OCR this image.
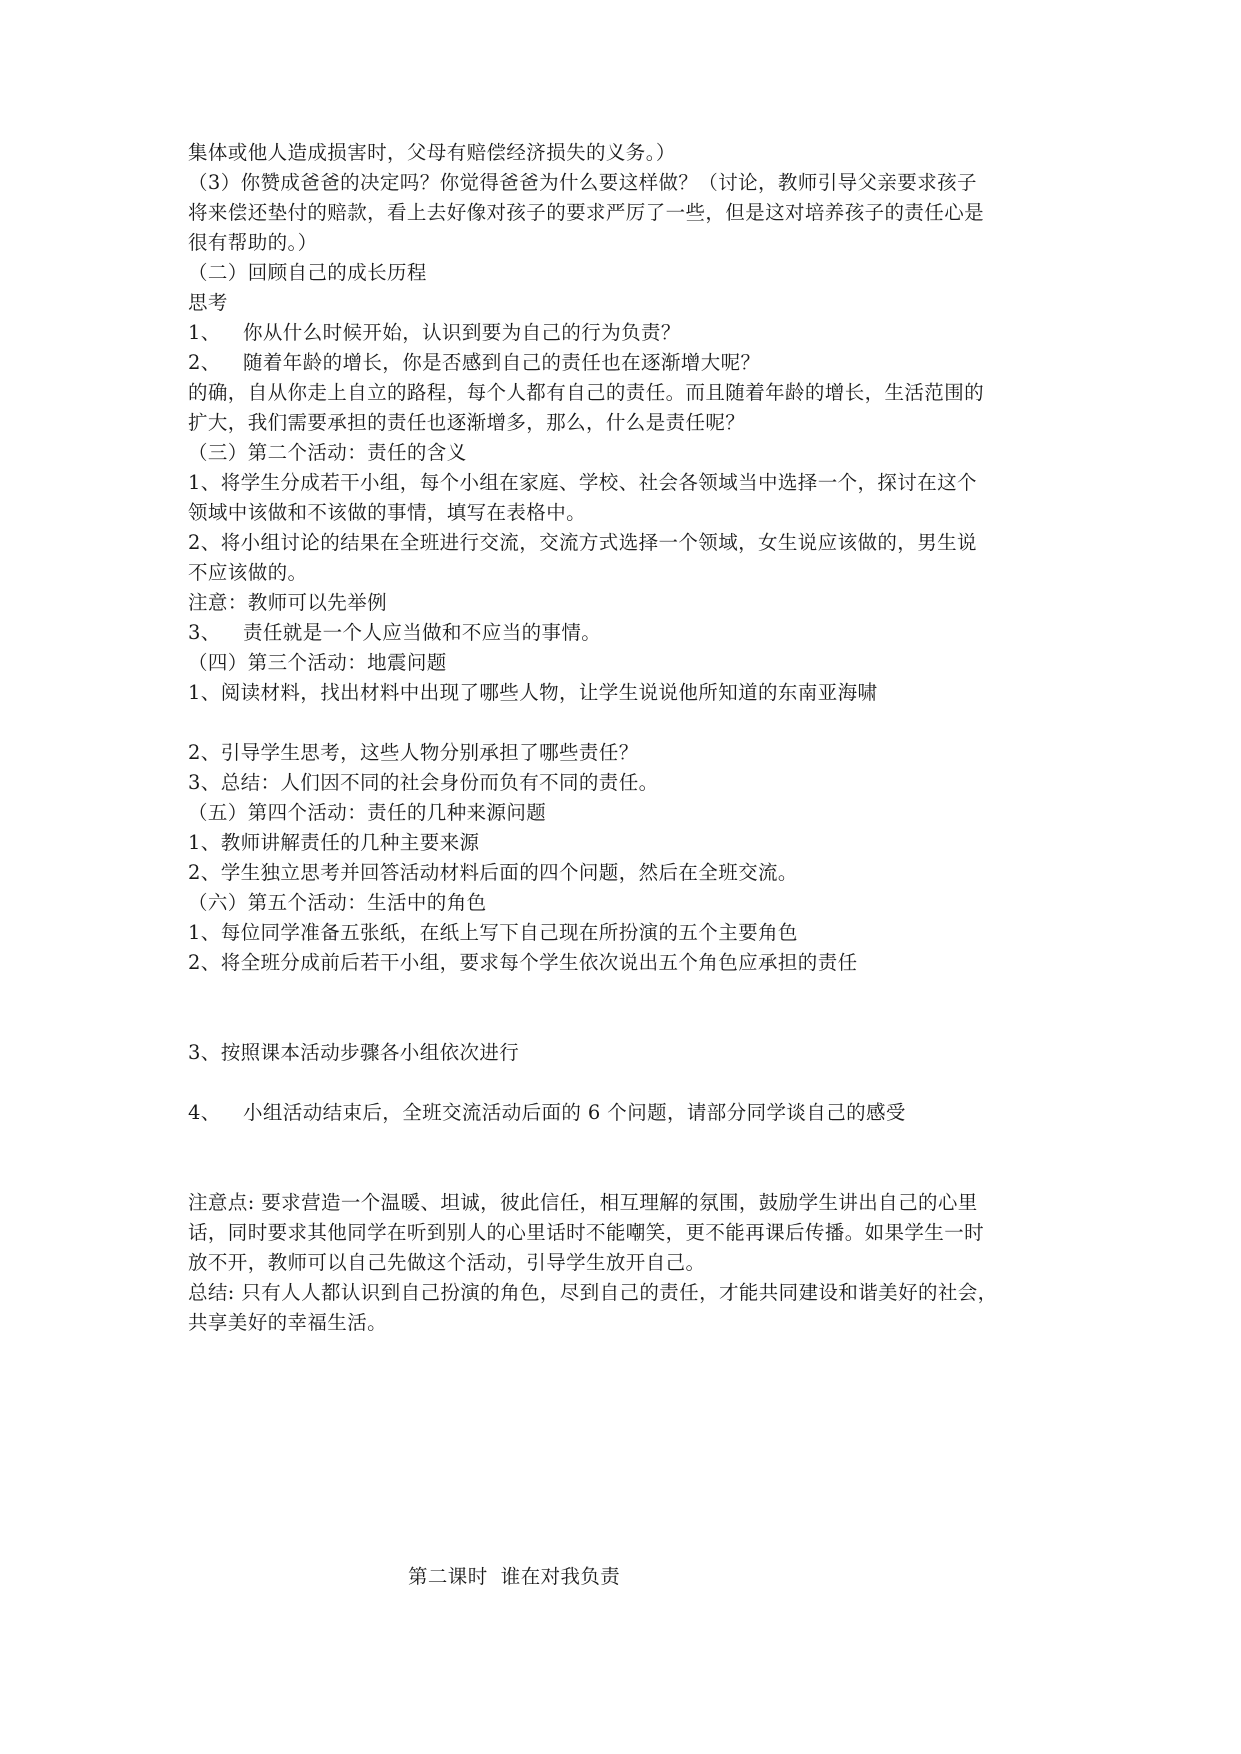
集体或他人造成损害时，父母有赔偿经济损失的义务。）
（3）你赞成爸爸的决定吗？你觉得爸爸为什么要这样做？（讨论，教师引导父亲要求孩子
将来偿还垫付的赔款，看上去好像对孩子的要求严厉了一些，但是这对培养孩子的责任心是
很有帮助的。）
（二）回顾自己的成长历程
思考
1、 你从什么时候开始，认识到要为自己的行为负责？
2、 随着年龄的增长，你是否感到自己的责任也在逐渐增大呢？
的确，自从你走上自立的路程，每个人都有自己的责任。而且随着年龄的增长，生活范围的
扩大，我们需要承担的责任也逐渐增多，那么，什么是责任呢？
（三）第二个活动：责任的含义
1、将学生分成若干小组，每个小组在家庭、学校、社会各领域当中选择一个，探讨在这个
领域中该做和不该做的事情，填写在表格中。
2、将小组讨论的结果在全班进行交流，交流方式选择一个领域，女生说应该做的，男生说
不应该做的。
注意：教师可以先举例
3、 责任就是一个人应当做和不应当的事情。
（四）第三个活动：地震问题
1、阅读材料，找出材料中出现了哪些人物，让学生说说他所知道的东南亚海啸
2、引导学生思考，这些人物分别承担了哪些责任？
3、总结：人们因不同的社会身份而负有不同的责任。
（五）第四个活动：责任的几种来源问题
1、教师讲解责任的几种主要来源
2、学生独立思考并回答活动材料后面的四个问题，然后在全班交流。
（六）第五个活动：生活中的角色
1、每位同学准备五张纸，在纸上写下自己现在所扮演的五个主要角色
2、将全班分成前后若干小组，要求每个学生依次说出五个角色应承担的责任
3、按照课本活动步骤各小组依次进行
4、 小组活动结束后，全班交流活动后面的 6 个问题，请部分同学谈自己的感受
注意点: 要求营造一个温暖、坦诚，彼此信任，相互理解的氛围，鼓励学生讲出自己的心里
话，同时要求其他同学在听到别人的心里话时不能嘲笑，更不能再课后传播。如果学生一时
放不开，教师可以自己先做这个活动，引导学生放开自己。
总结: 只有人人都认识到自己扮演的角色，尽到自己的责任，才能共同建设和谐美好的社会，
共享美好的幸福生活。
第二课时  谁在对我负责
